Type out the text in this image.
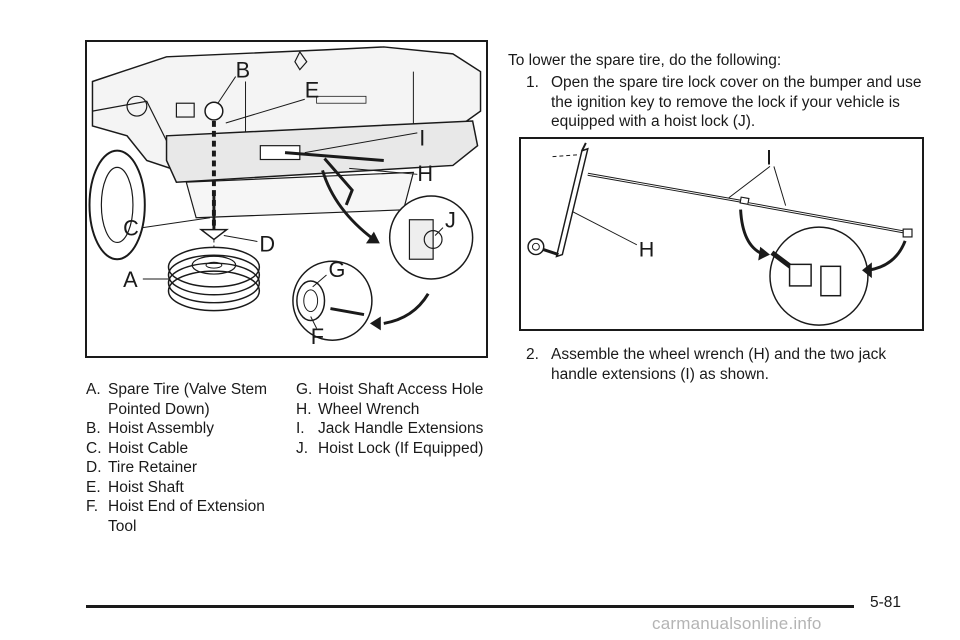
B
E
I
H
J
C
D
A	G
F
A. Spare Tire (Valve Stem Pointed Down)
B. Hoist Assembly
C. Hoist Cable
D. Tire Retainer
E. Hoist Shaft
F. Hoist End of Extension Tool
G. Hoist Shaft Access Hole
H. Wheel Wrench
I. Jack Handle Extensions
J. Hoist Lock (If Equipped)
To lower the spare tire, do the following:
1. Open the spare tire lock cover on the bumper and use the ignition key to remove the lock if your vehicle is equipped with a hoist lock (J).
I
H
2. Assemble the wheel wrench (H) and the two jack handle extensions (I) as shown.
5-81
carmanualsonline.info
